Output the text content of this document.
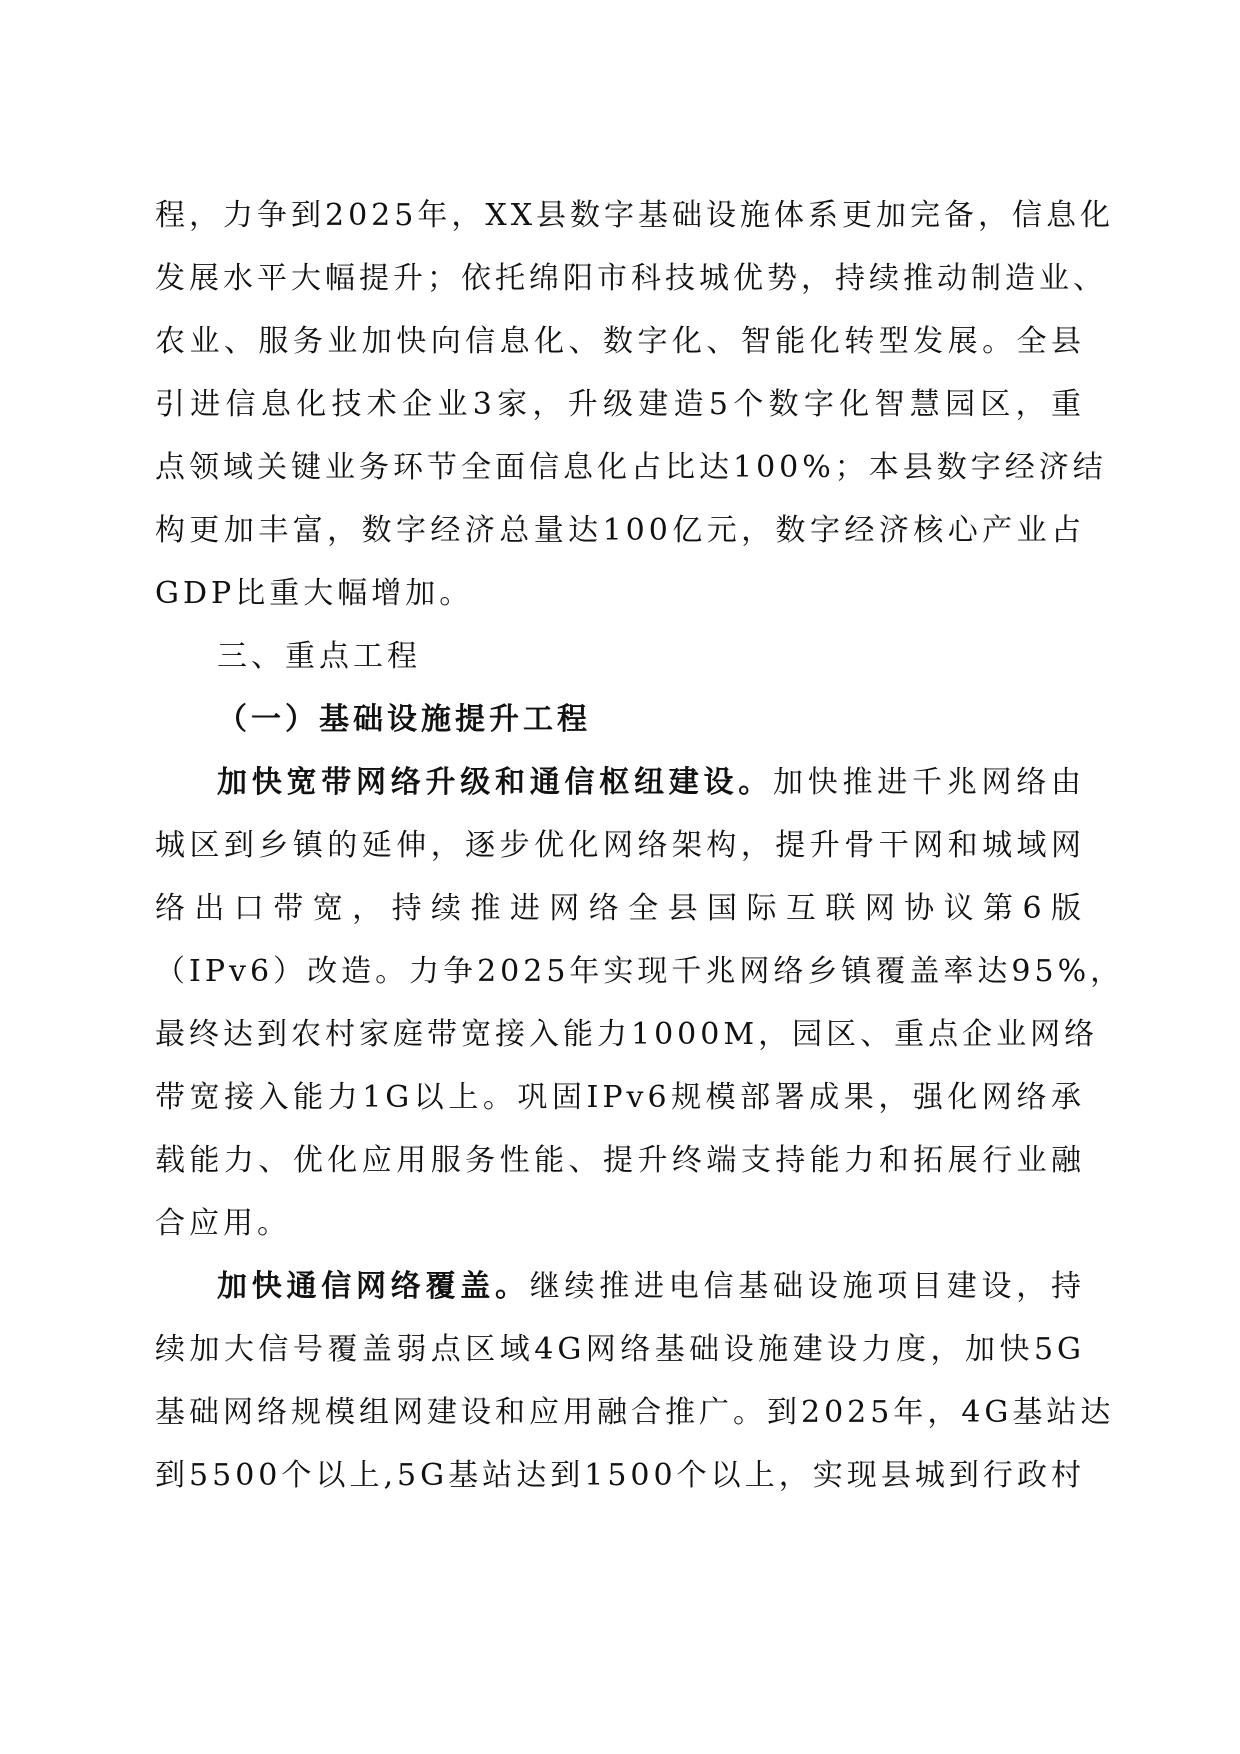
程，力争到2025年，XX县数字基础设施体系更加完备，信息化
发展水平大幅提升；依托绵阳市科技城优势，持续推动制造业、
农业、服务业加快向信息化、数字化、智能化转型发展。全县
引进信息化技术企业3家，升级建造5个数字化智慧园区，重
点领域关键业务环节全面信息化占比达100%；本县数字经济结
构更加丰富，数字经济总量达100亿元，数字经济核心产业占
GDP比重大幅增加。
三、重点工程
（一）基础设施提升工程
加快宽带网络升级和通信枢纽建设。加快推进千兆网络由
城区到乡镇的延伸，逐步优化网络架构，提升骨干网和城域网
络出口带宽，持续推进网络全县国际互联网协议第6版
（IPv6）改造。力争2025年实现千兆网络乡镇覆盖率达95%，
最终达到农村家庭带宽接入能力1000M，园区、重点企业网络
带宽接入能力1G以上。巩固IPv6规模部署成果，强化网络承
载能力、优化应用服务性能、提升终端支持能力和拓展行业融
合应用。
加快通信网络覆盖。继续推进电信基础设施项目建设，持
续加大信号覆盖弱点区域4G网络基础设施建设力度，加快5G
基础网络规模组网建设和应用融合推广。到2025年，4G基站达
到5500个以上,5G基站达到1500个以上，实现县城到行政村
